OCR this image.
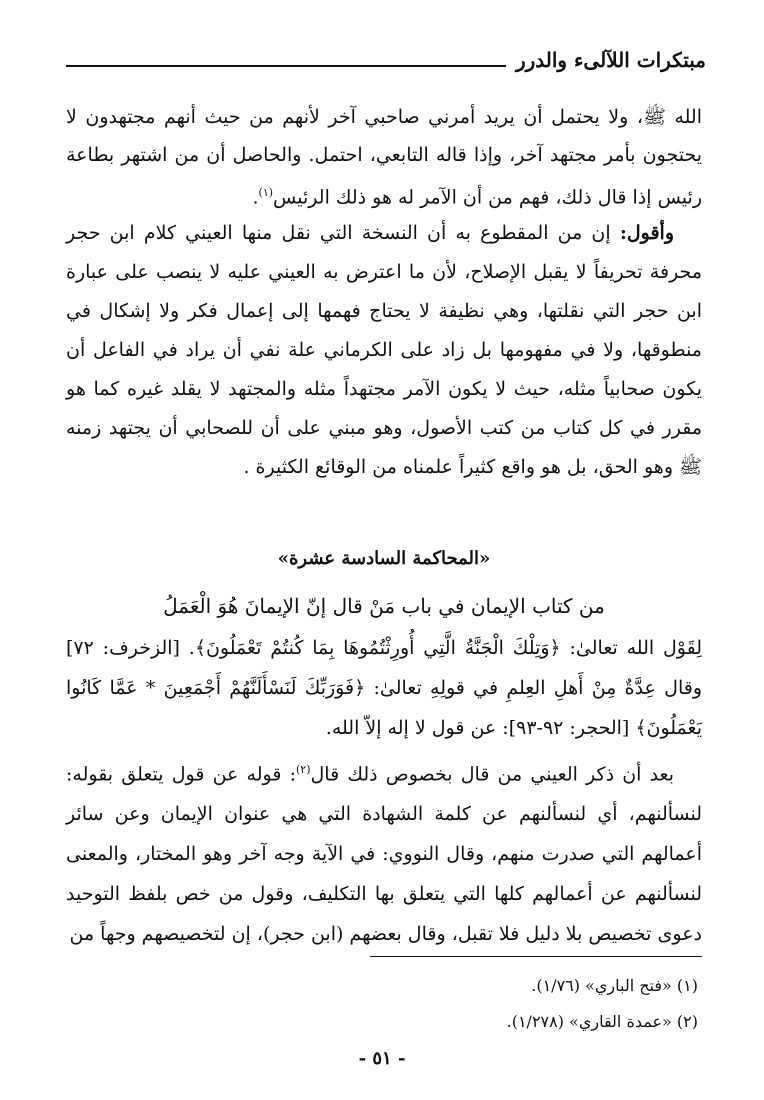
مبتكرات اللآلىء والدرر
الله ﷺ، ولا يحتمل أن يريد أمرني صاحبي آخر لأنهم من حيث أنهم مجتهدون لا يحتجون بأمر مجتهد آخر، وإذا قاله التابعي، احتمل. والحاصل أن من اشتهر بطاعة رئيس إذا قال ذلك، فهم من أن الآمر له هو ذلك الرئيس$^{(١)}$.
وأقول: إن من المقطوع به أن النسخة التي نقل منها العيني كلام ابن حجر محرفة تحريفاً لا يقبل الإصلاح، لأن ما اعترض به العيني عليه لا ينصب على عبارة ابن حجر التي نقلتها، وهي نظيفة لا يحتاج فهمها إلى إعمال فكر ولا إشكال في منطوقها، ولا في مفهومها بل زاد على الكرماني علة نفي أن يراد في الفاعل أن يكون صحابياً مثله، حيث لا يكون الآمر مجتهداً مثله والمجتهد لا يقلد غيره كما هو مقرر في كل كتاب من كتب الأصول، وهو مبني على أن للصحابي أن يجتهد زمنه ﷺ وهو الحق، بل هو واقع كثيراً علمناه من الوقائع الكثيرة .
«المحاكمة السادسة عشرة»
من كتاب الإيمان في باب مَنْ قال إنّ الإيمانَ هُوَ الْعَمَلُ
لِقَوْل الله تعالىٰ: ﴿وَتِلْكَ الْجَنَّةُ الَّتِي أُورِثْتُمُوهَا بِمَا كُنتُمْ تَعْمَلُونَ﴾. [الزخرف: ٧٢] وقال عِدَّةٌ مِنْ أَهلِ العِلمِ في قولِهِ تعالىٰ: ﴿فَوَرَبِّكَ لَنَسْأَلَنَّهُمْ أَجْمَعِينَ * عَمَّا كَانُوا يَعْمَلُونَ﴾ [الحجر: ٩٢-٩٣]: عن قول لا إله إلاّ الله.
بعد أن ذكر العيني من قال بخصوص ذلك قال$^{(٢)}$: قوله عن قول يتعلق بقوله: لنسألنهم، أي لنسألنهم عن كلمة الشهادة التي هي عنوان الإيمان وعن سائر أعمالهم التي صدرت منهم، وقال النووي: في الآية وجه آخر وهو المختار، والمعنى لنسألنهم عن أعمالهم كلها التي يتعلق بها التكليف، وقول من خص بلفظ التوحيد دعوى تخصيص بلا دليل فلا تقبل، وقال بعضهم (ابن حجر)، إن لتخصيصهم وجهاً من
(١) «فتح الباري» (١/٧٦).
(٢) «عمدة القاري» (١/٢٧٨).
- ٥١ -
